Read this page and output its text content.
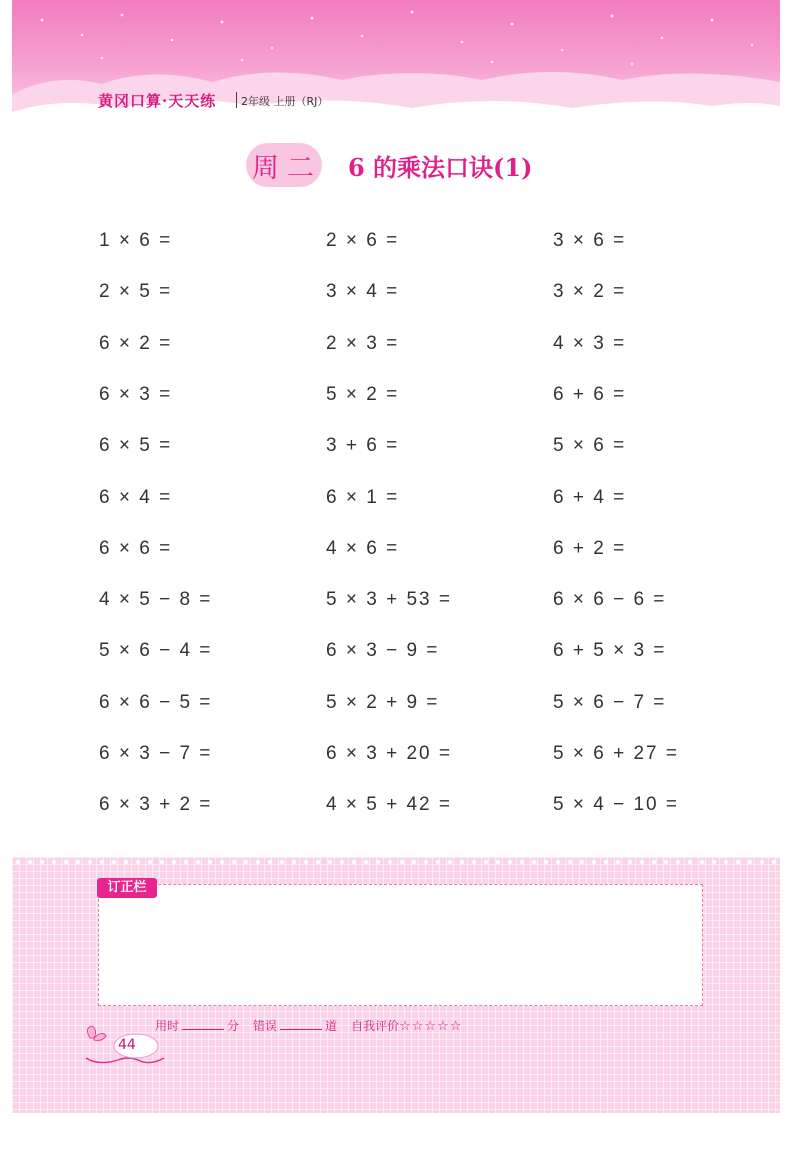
黄冈口算·天天练 2年级 上册（RJ）
周二 6 的乘法口诀(1)
1 × 6 =	2 × 6 =	3 × 6 =
2 × 5 =	3 × 4 =	3 × 2 =
6 × 2 =	2 × 3 =	4 × 3 =
6 × 3 =	5 × 2 =	6 + 6 =
6 × 5 =	3 + 6 =	5 × 6 =
6 × 4 =	6 × 1 =	6 + 4 =
6 × 6 =	4 × 6 =	6 + 2 =
4 × 5 − 8 =	5 × 3 + 53 =	6 × 6 − 6 =
5 × 6 − 4 =	6 × 3 − 9 =	6 + 5 × 3 =
6 × 6 − 5 =	5 × 2 + 9 =	5 × 6 − 7 =
6 × 3 − 7 =	6 × 3 + 20 =	5 × 6 + 27 =
6 × 3 + 2 =	4 × 5 + 42 =	5 × 4 − 10 =
订正栏
用时	分 错误	道 自我评价☆☆☆☆☆
44
